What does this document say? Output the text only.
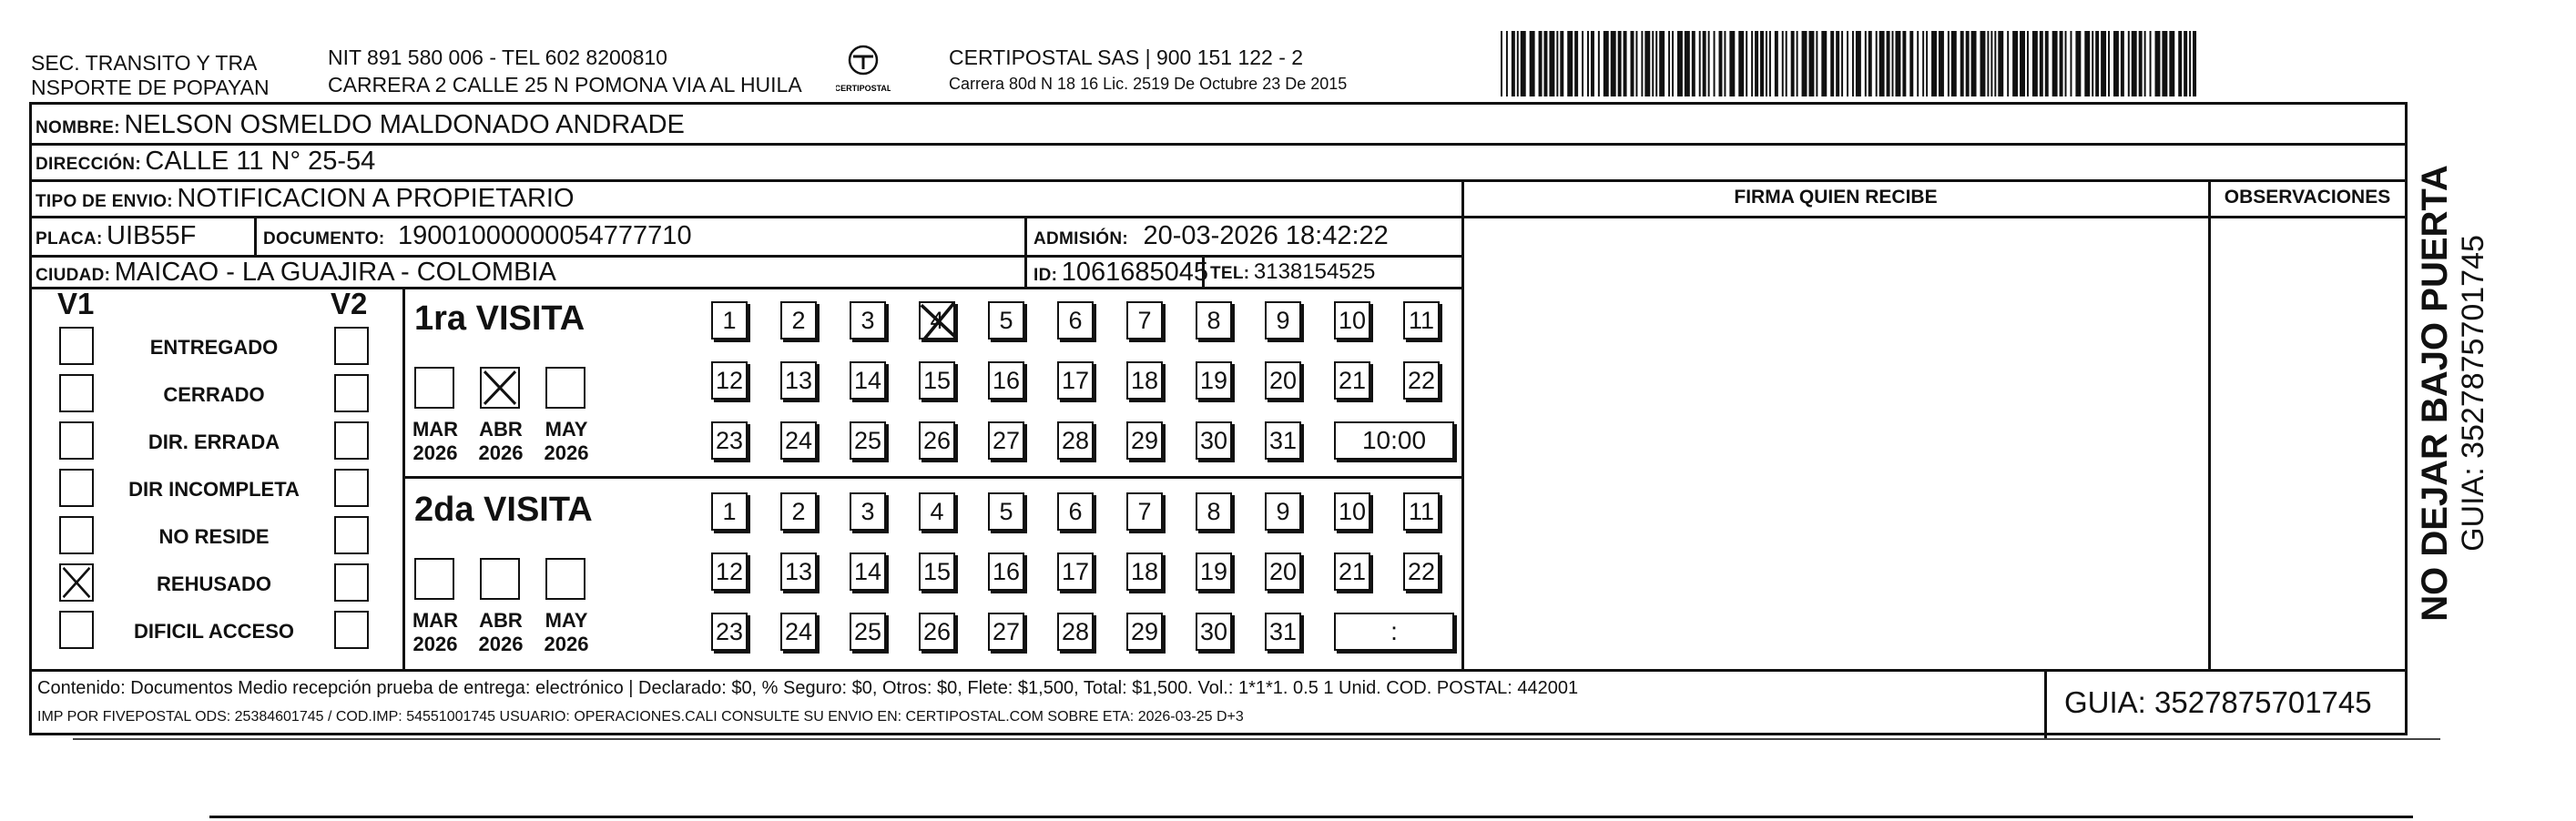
SEC. TRANSITO Y TRA
NSPORTE DE POPAYAN
NIT 891 580 006 - TEL 602 8200810
CARRERA 2 CALLE 25 N POMONA VIA AL HUILA	CERTIPOSTAL
CERTIPOSTAL SAS | 900 151 122 - 2
Carrera 80d N 18 16 Lic. 2519 De Octubre 23 De 2015
NOMBRE: NELSON OSMELDO MALDONADO ANDRADE
DIRECCIÓN: CALLE 11 N° 25-54
TIPO DE ENVIO: NOTIFICACION A PROPIETARIO	FIRMA QUIEN RECIBE	OBSERVACIONES
PLACA: UIB55F	DOCUMENTO: 19001000000054777710	ADMISIÓN: 20-03-2026 18:42:22
CIUDAD: MAICAO - LA GUAJIRA - COLOMBIA	ID: 1061685045 TEL: 3138154525
V1	V2
ENTREGADO
CERRADO
DIR. ERRADA
DIR INCOMPLETA
NO RESIDE
REHUSADO
DIFICIL ACCESO
1ra VISITA
MAR
2026
ABR
2026
MAY
2026
1	2	3	4	5	6	7	8	9	10 11
12 13 14 15 16 17 18 19 20 21 22
23 24 25 26 27 28 29 30 31	10:00
2da VISITA
MAR
2026
ABR
2026
MAY
2026
1	2	3	4	5	6	7	8	9	10 11
12 13 14 15 16 17 18 19 20 21 22
23 24 25 26 27 28 29 30 31	:
Contenido: Documentos Medio recepción prueba de entrega: electrónico | Declarado: $0, % Seguro: $0, Otros: $0, Flete: $1,500, Total: $1,500. Vol.: 1*1*1. 0.5 1 Unid. COD. POSTAL: 442001
IMP POR FIVEPOSTAL ODS: 25384601745 / COD.IMP: 54551001745 USUARIO: OPERACIONES.CALI CONSULTE SU ENVIO EN: CERTIPOSTAL.COM SOBRE ETA: 2026-03-25 D+3	GUIA: 3527875701745
NO DEJAR BAJO PUERTA GUIA: 3527875701745
